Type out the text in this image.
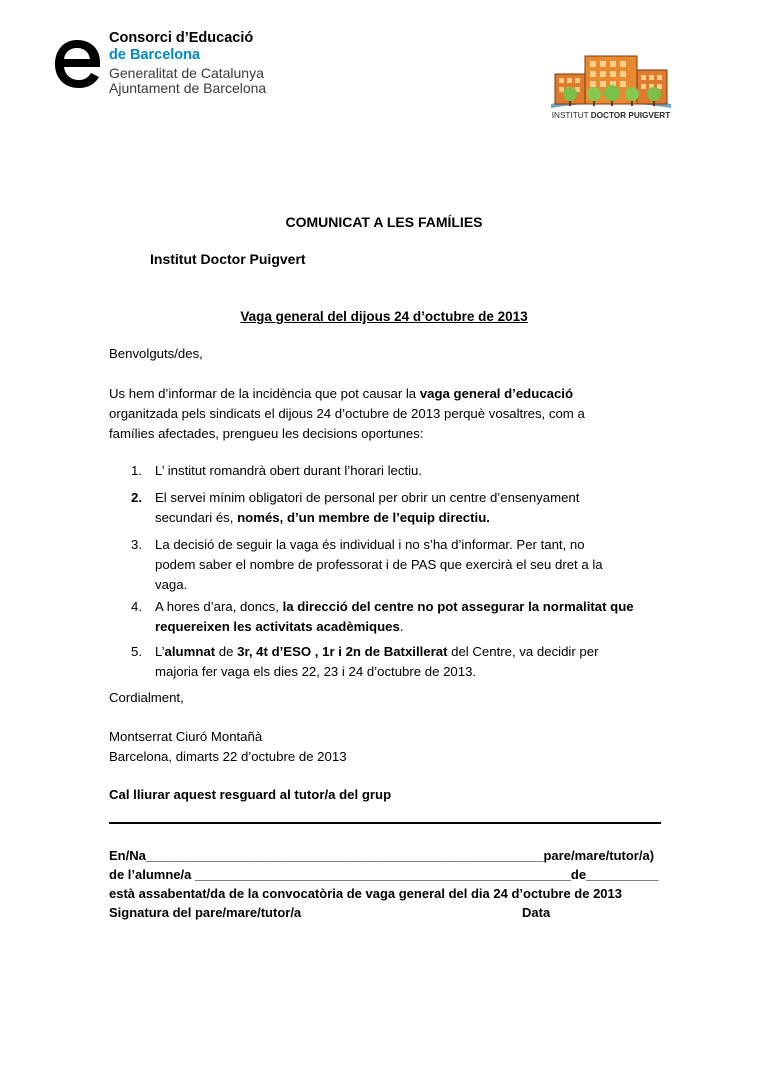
Consorci d’Educació
de Barcelona
Generalitat de Catalunya
Ajuntament de Barcelona
INSTITUT DOCTOR PUIGVERT
COMUNICAT A LES FAMÍLIES
Institut Doctor Puigvert
Vaga general del dijous 24 d’octubre de 2013
Benvolguts/des,
Us hem d’informar de la incidència que pot causar la vaga general d’educació
organitzada pels sindicats el dijous 24 d’octubre de 2013 perquè vosaltres, com a
famílies afectades, prengueu les decisions oportunes:
1. L’ institut romandrà obert durant l’horari lectiu.
2. El servei mínim obligatori de personal per obrir un centre d’ensenyament
secundari és, només, d’un membre de l’equip directiu.
3. La decisió de seguir la vaga és individual i no s’ha d’informar. Per tant, no
podem saber el nombre de professorat i de PAS que exercirà el seu dret a la
vaga.
4. A hores d’ara, doncs, la direcció del centre no pot assegurar la normalitat que
requereixen les activitats acadèmiques.
5. L’alumnat de 3r, 4t d’ESO , 1r i 2n de Batxillerat del Centre, va decidir per
majoria fer vaga els dies 22, 23 i 24 d’octubre de 2013.
Cordialment,
Montserrat Ciuró Montañà
Barcelona, dimarts 22 d’octubre de 2013
Cal lliurar aquest resguard al tutor/a del grup
En/Na_______________________________________________________pare/mare/tutor/a)
de l’alumne/a ____________________________________________________de__________
està assabentat/da de la convocatòria de vaga general del dia 24 d’octubre de 2013
Signatura del pare/mare/tutor/a	Data
